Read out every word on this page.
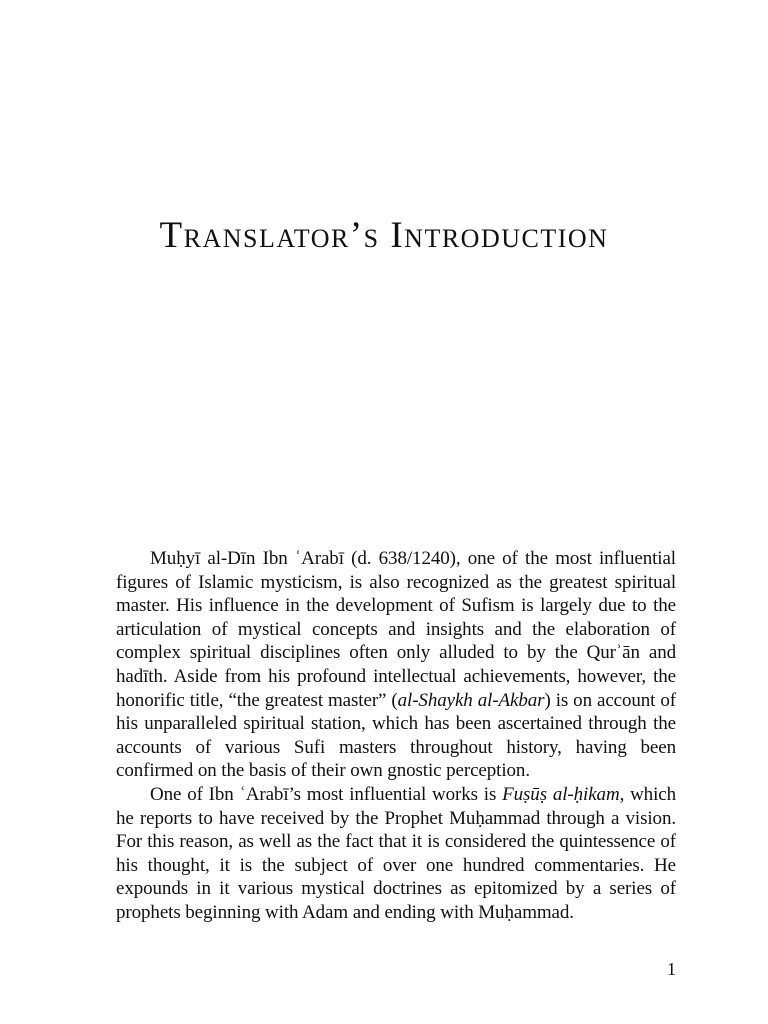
Translator’s Introduction

Muḥyī al-Dīn Ibn ʿArabī (d. 638/1240), one of the most influential figures of Islamic mysticism, is also recognized as the greatest spiritual master. His influence in the development of Sufism is largely due to the articulation of mystical concepts and insights and the elaboration of complex spiritual disciplines often only alluded to by the Qurʾān and hadīth. Aside from his profound intellectual achievements, however, the honorific title, “the greatest master” (al-Shaykh al-Akbar) is on account of his unparalleled spiritual station, which has been ascertained through the accounts of various Sufi masters throughout history, having been confirmed on the basis of their own gnostic perception.

One of Ibn ʿArabī’s most influential works is Fuṣūṣ al-ḥikam, which he reports to have received by the Prophet Muḥammad through a vision. For this reason, as well as the fact that it is considered the quintessence of his thought, it is the subject of over one hundred commentaries. He expounds in it various mystical doctrines as epitomized by a series of prophets beginning with Adam and ending with Muḥammad.

1
